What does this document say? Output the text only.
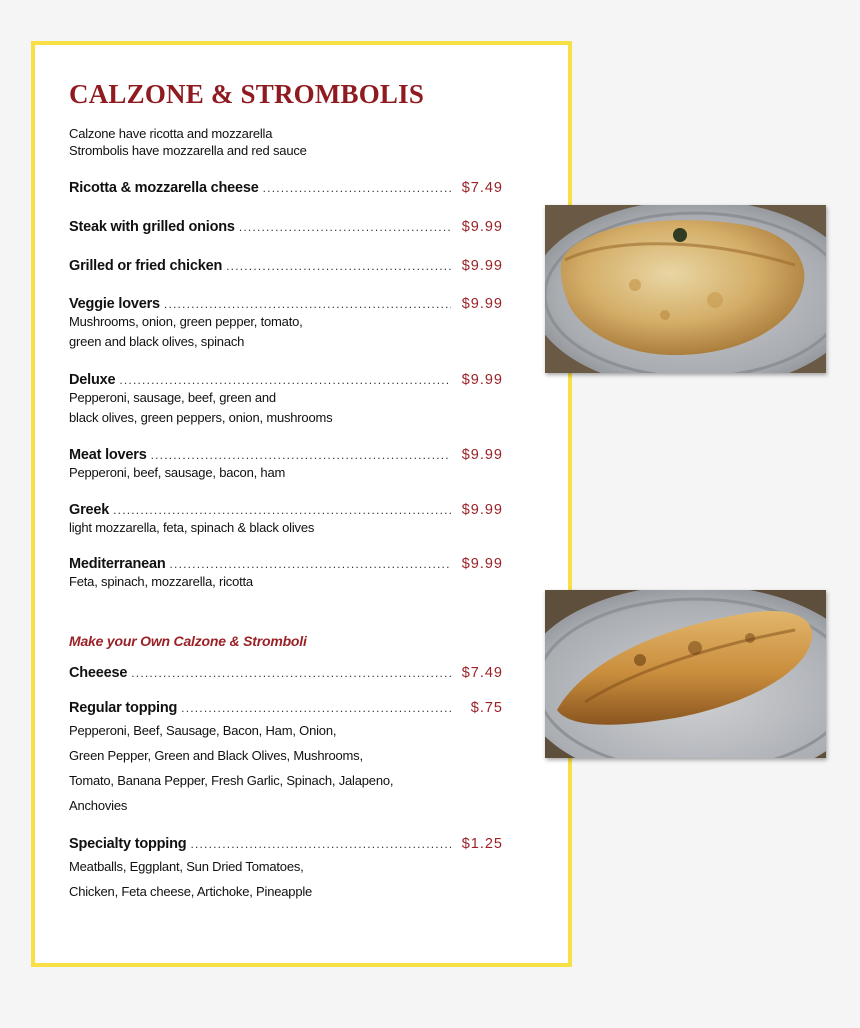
CALZONE & STROMBOLIS
Calzone have ricotta and mozzarella
Strombolis have mozzarella and red sauce
Ricotta & mozzarella cheese .....	$7.49
Steak with grilled onions .....	$9.99
Grilled or fried chicken .....	$9.99
Veggie lovers .....	$9.99
Mushrooms, onion, green pepper, tomato,
green and black olives, spinach
Deluxe .....	$9.99
Pepperoni, sausage, beef, green and
black olives, green peppers, onion, mushrooms
Meat lovers .....	$9.99
Pepperoni, beef, sausage, bacon, ham
Greek .....	$9.99
light mozzarella, feta, spinach & black olives
Mediterranean .....	$9.99
Feta, spinach, mozzarella, ricotta
Make your Own Calzone & Stromboli
Cheeese .....	$7.49
Regular topping .....	$.75
Pepperoni, Beef, Sausage, Bacon, Ham, Onion,
Green Pepper, Green and Black Olives, Mushrooms,
Tomato, Banana Pepper, Fresh Garlic, Spinach, Jalapeno,
Anchovies
Specialty topping .....	$1.25
Meatballs, Eggplant, Sun Dried Tomatoes,
Chicken, Feta cheese, Artichoke, Pineapple
